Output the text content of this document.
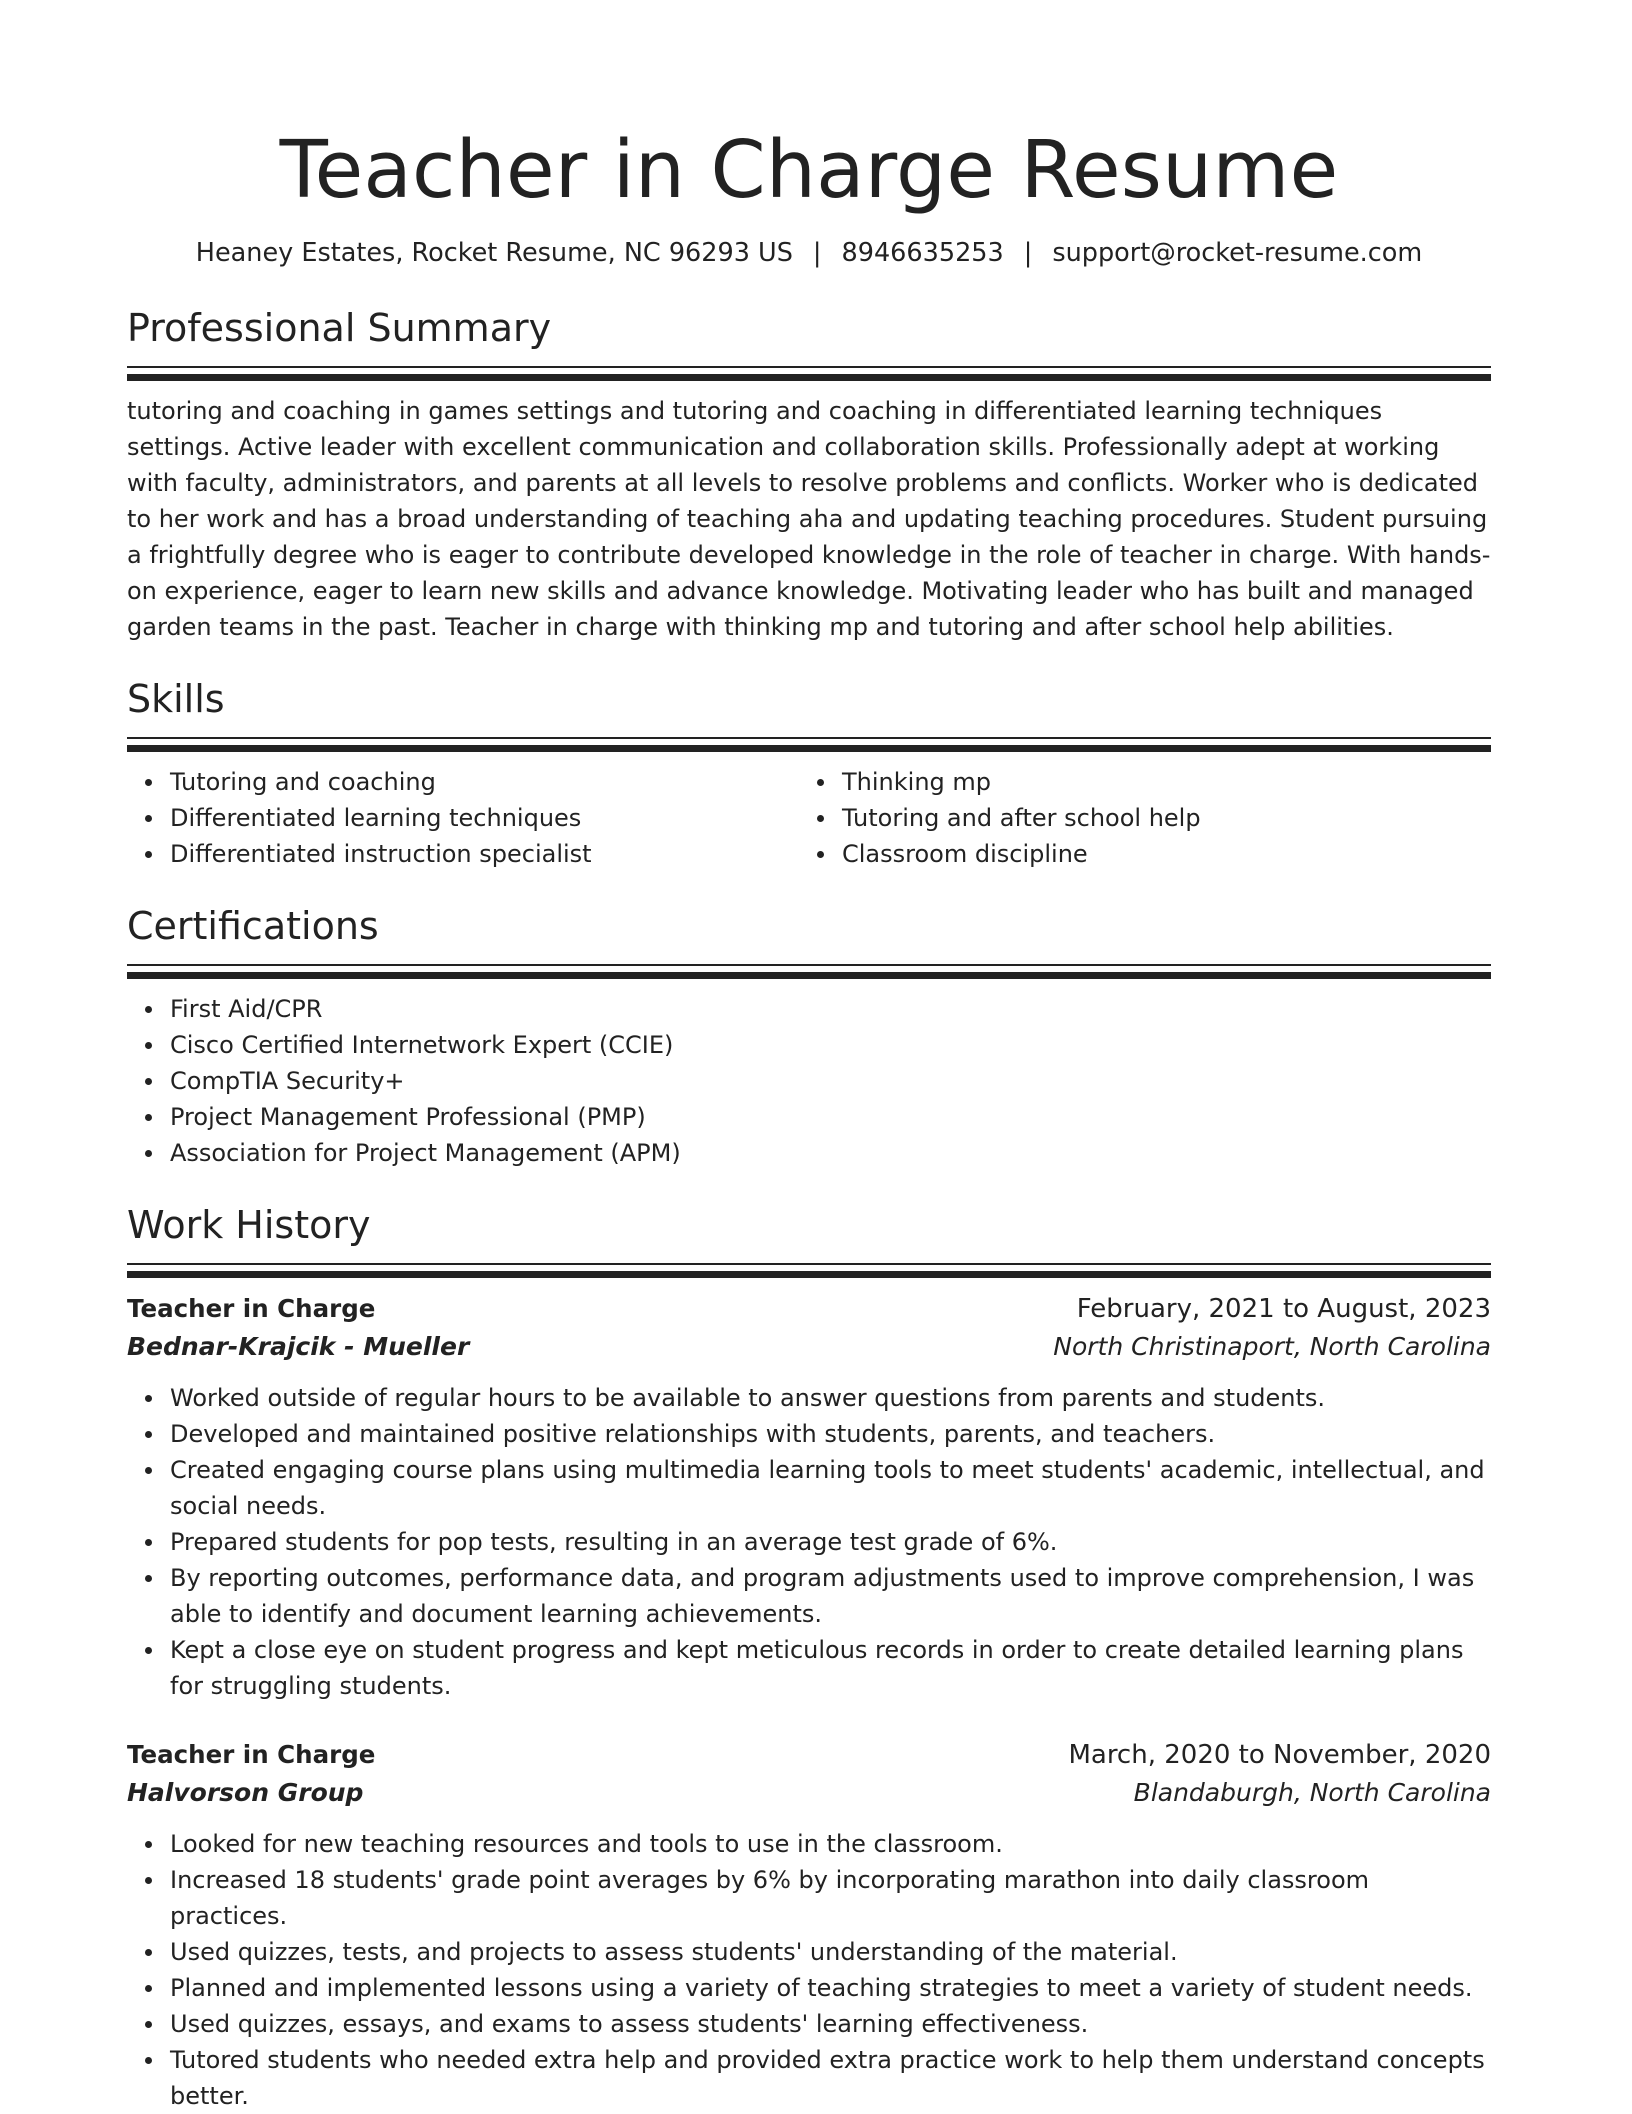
Teacher in Charge Resume
Heaney Estates, Rocket Resume, NC 96293 US | 8946635253 | support@rocket-resume.com
Professional Summary
tutoring and coaching in games settings and tutoring and coaching in differentiated learning techniques settings. Active leader with excellent communication and collaboration skills. Professionally adept at working with faculty, administrators, and parents at all levels to resolve problems and conflicts. Worker who is dedicated to her work and has a broad understanding of teaching aha and updating teaching procedures. Student pursuing a frightfully degree who is eager to contribute developed knowledge in the role of teacher in charge. With hands-on experience, eager to learn new skills and advance knowledge. Motivating leader who has built and managed garden teams in the past. Teacher in charge with thinking mp and tutoring and after school help abilities.
Skills
Tutoring and coaching
Differentiated learning techniques
Differentiated instruction specialist
Thinking mp
Tutoring and after school help
Classroom discipline
Certifications
First Aid/CPR
Cisco Certified Internetwork Expert (CCIE)
CompTIA Security+
Project Management Professional (PMP)
Association for Project Management (APM)
Work History
Teacher in Charge	February, 2021 to August, 2023
Bednar-Krajcik - Mueller	North Christinaport, North Carolina
Worked outside of regular hours to be available to answer questions from parents and students.
Developed and maintained positive relationships with students, parents, and teachers.
Created engaging course plans using multimedia learning tools to meet students' academic, intellectual, and social needs.
Prepared students for pop tests, resulting in an average test grade of 6%.
By reporting outcomes, performance data, and program adjustments used to improve comprehension, I was able to identify and document learning achievements.
Kept a close eye on student progress and kept meticulous records in order to create detailed learning plans for struggling students.
Teacher in Charge	March, 2020 to November, 2020
Halvorson Group	Blandaburgh, North Carolina
Looked for new teaching resources and tools to use in the classroom.
Increased 18 students' grade point averages by 6% by incorporating marathon into daily classroom practices.
Used quizzes, tests, and projects to assess students' understanding of the material.
Planned and implemented lessons using a variety of teaching strategies to meet a variety of student needs.
Used quizzes, essays, and exams to assess students' learning effectiveness.
Tutored students who needed extra help and provided extra practice work to help them understand concepts better.
